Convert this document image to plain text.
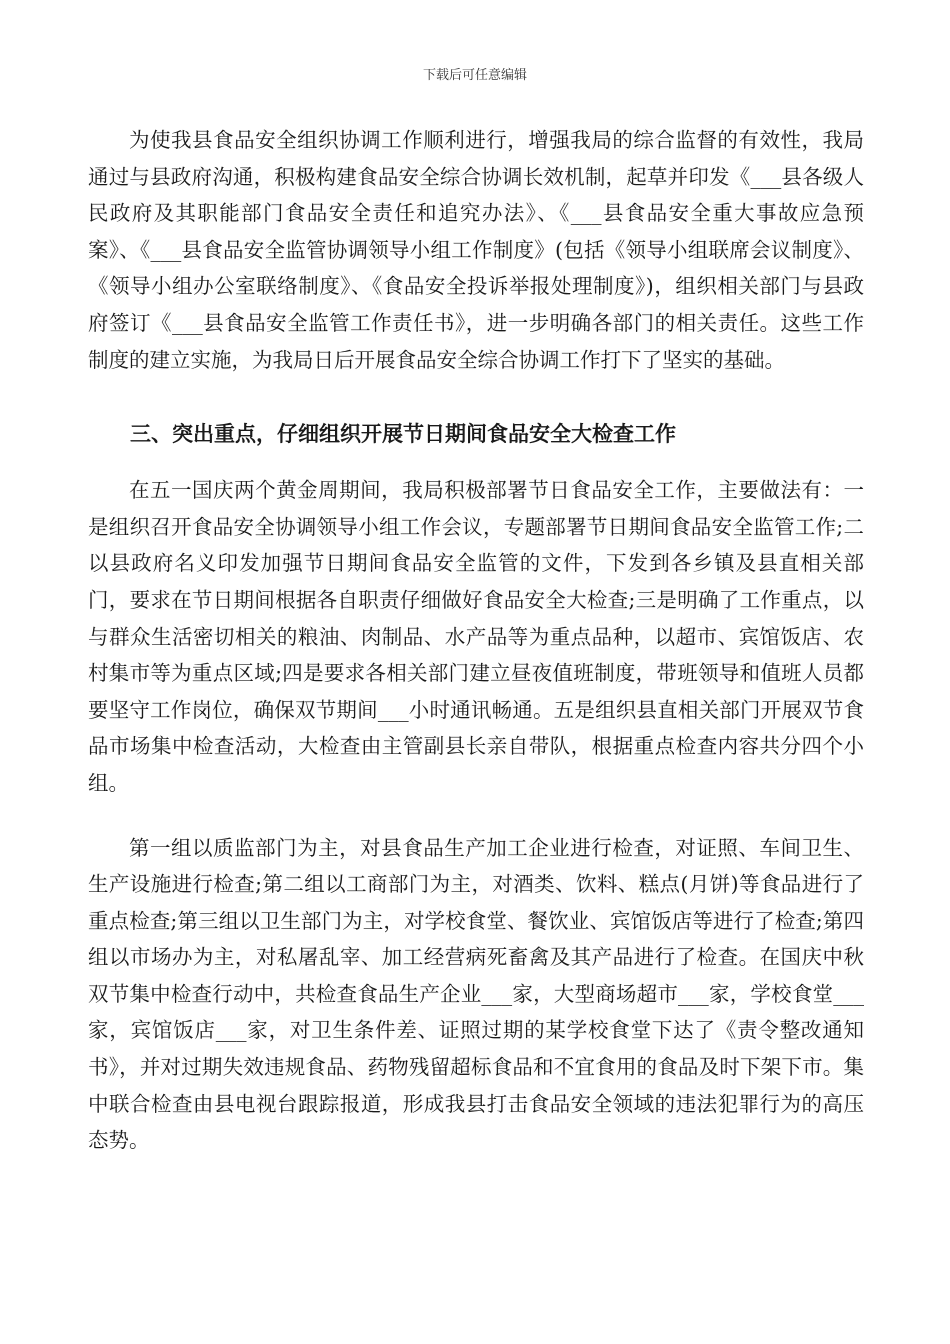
下载后可任意编辑

为使我县食品安全组织协调工作顺利进行，增强我局的综合监督的有效性，我局通过与县政府沟通，积极构建食品安全综合协调长效机制，起草并印发《___县各级人民政府及其职能部门食品安全责任和追究办法》、《___县食品安全重大事故应急预案》、《___县食品安全监管协调领导小组工作制度》(包括《领导小组联席会议制度》、《领导小组办公室联络制度》、《食品安全投诉举报处理制度》)，组织相关部门与县政府签订《___县食品安全监管工作责任书》，进一步明确各部门的相关责任。这些工作制度的建立实施，为我局日后开展食品安全综合协调工作打下了坚实的基础。

三、突出重点，仔细组织开展节日期间食品安全大检查工作

在五一国庆两个黄金周期间，我局积极部署节日食品安全工作，主要做法有：一是组织召开食品安全协调领导小组工作会议，专题部署节日期间食品安全监管工作;二以县政府名义印发加强节日期间食品安全监管的文件，下发到各乡镇及县直相关部门，要求在节日期间根据各自职责仔细做好食品安全大检查;三是明确了工作重点，以与群众生活密切相关的粮油、肉制品、水产品等为重点品种，以超市、宾馆饭店、农村集市等为重点区域;四是要求各相关部门建立昼夜值班制度，带班领导和值班人员都要坚守工作岗位，确保双节期间___小时通讯畅通。五是组织县直相关部门开展双节食品市场集中检查活动，大检查由主管副县长亲自带队，根据重点检查内容共分四个小组。

第一组以质监部门为主，对县食品生产加工企业进行检查，对证照、车间卫生、生产设施进行检查;第二组以工商部门为主，对酒类、饮料、糕点(月饼)等食品进行了重点检查;第三组以卫生部门为主，对学校食堂、餐饮业、宾馆饭店等进行了检查;第四组以市场办为主，对私屠乱宰、加工经营病死畜禽及其产品进行了检查。在国庆中秋双节集中检查行动中，共检查食品生产企业___家，大型商场超市___家，学校食堂___家，宾馆饭店___家，对卫生条件差、证照过期的某学校食堂下达了《责令整改通知书》，并对过期失效违规食品、药物残留超标食品和不宜食用的食品及时下架下市。集中联合检查由县电视台跟踪报道，形成我县打击食品安全领域的违法犯罪行为的高压态势。
